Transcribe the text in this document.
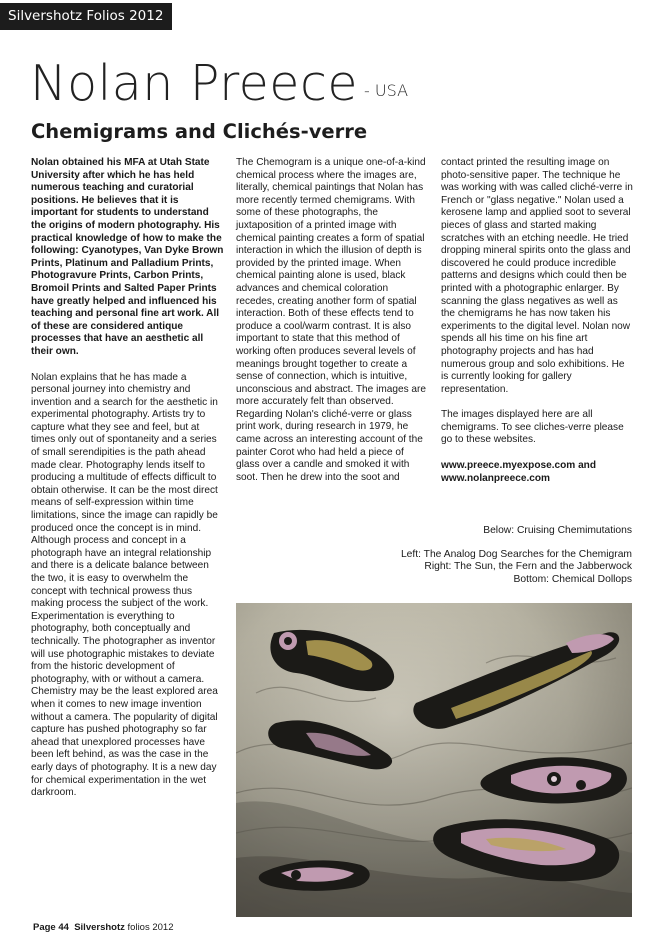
Silvershotz Folios 2012
Nolan Preece - USA
Chemigrams and Clichés-verre

Nolan obtained his MFA at Utah State University after which he has held numerous teaching and curatorial positions. He believes that it is important for students to understand the origins of modern photography. His practical knowledge of how to make the following: Cyanotypes, Van Dyke Brown Prints, Platinum and Palladium Prints, Photogravure Prints, Carbon Prints, Bromoil Prints and Salted Paper Prints have greatly helped and influenced his teaching and personal fine art work. All of these are considered antique processes that have an aesthetic all their own.

Nolan explains that he has made a personal journey into chemistry and invention and a search for the aesthetic in experimental photography. Artists try to capture what they see and feel, but at times only out of spontaneity and a series of small serendipities is the path ahead made clear. Photography lends itself to producing a multitude of effects difficult to obtain otherwise. It can be the most direct means of self-expression within time limitations, since the image can rapidly be produced once the concept is in mind. Although process and concept in a photograph have an integral relationship and there is a delicate balance between the two, it is easy to overwhelm the concept with technical prowess thus making process the subject of the work. Experimentation is everything to photography, both conceptually and technically. The photographer as inventor will use photographic mistakes to deviate from the historic development of photography, with or without a camera. Chemistry may be the least explored area when it comes to new image invention without a camera. The popularity of digital capture has pushed photography so far ahead that unexplored processes have been left behind, as was the case in the early days of photography. It is a new day for chemical experimentation in the wet darkroom.

The Chemogram is a unique one-of-a-kind chemical process where the images are, literally, chemical paintings that Nolan has more recently termed chemigrams. With some of these photographs, the juxtaposition of a printed image with chemical painting creates a form of spatial interaction in which the illusion of depth is provided by the printed image. When chemical painting alone is used, black advances and chemical coloration recedes, creating another form of spatial interaction. Both of these effects tend to produce a cool/warm contrast. It is also important to state that this method of working often produces several levels of meanings brought together to create a sense of connection, which is intuitive, unconscious and abstract. The images are more accurately felt than observed. Regarding Nolan's cliché-verre or glass print work, during research in 1979, he came across an interesting account of the painter Corot who had held a piece of glass over a candle and smoked it with soot. Then he drew into the soot and

contact printed the resulting image on photo-sensitive paper. The technique he was working with was called cliché-verre in French or "glass negative." Nolan used a kerosene lamp and applied soot to several pieces of glass and started making scratches with an etching needle. He tried dropping mineral spirits onto the glass and discovered he could produce incredible patterns and designs which could then be printed with a photographic enlarger. By scanning the glass negatives as well as the chemigrams he has now taken his experiments to the digital level. Nolan now spends all his time on his fine art photography projects and has had numerous group and solo exhibitions. He is currently looking for gallery representation.

The images displayed here are all chemigrams. To see cliches-verre please go to these websites.

www.preece.myexpose.com and
www.nolanpreece.com
Below: Cruising Chemimutations
Left: The Analog Dog Searches for the Chemigram
Right: The Sun, the Fern and the Jabberwock
Bottom: Chemical Dollops
Page 44 Silvershotz folios 2012
